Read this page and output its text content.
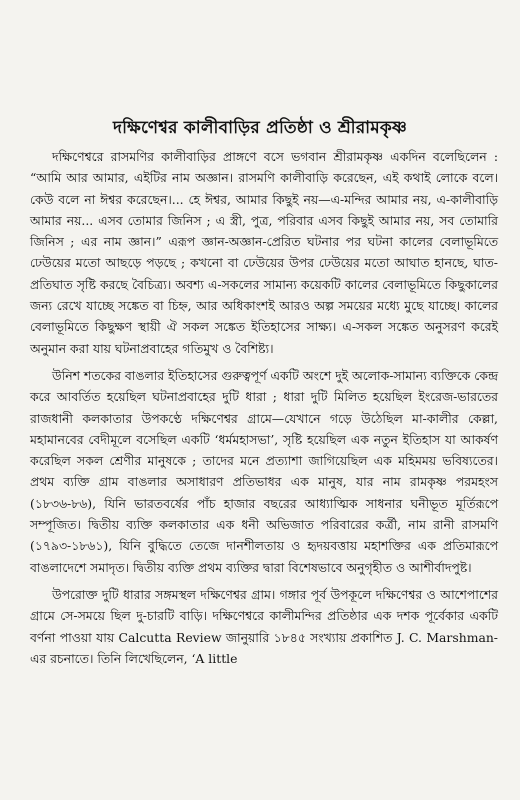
দক্ষিণেশ্বর কালীবাড়ির প্রতিষ্ঠা ও শ্রীরামকৃষ্ণ

দক্ষিণেশ্বরে রাসমণির কালীবাড়ির প্রাঙ্গণে বসে ভগবান শ্রীরামকৃষ্ণ একদিন বলেছিলেন : “আমি আর আমার, এইটির নাম অজ্ঞান। রাসমণি কালীবাড়ি করেছেন, এই কথাই লোকে বলে। কেউ বলে না ঈশ্বর করেছেন।... হে ঈশ্বর, আমার কিছুই নয়—এ-মন্দির আমার নয়, এ-কালীবাড়ি আমার নয়... এসব তোমার জিনিস ; এ স্ত্রী, পুত্র, পরিবার এসব কিছুই আমার নয়, সব তোমারি জিনিস ; এর নাম জ্ঞান।” এরূপ জ্ঞান-অজ্ঞান-প্রেরিত ঘটনার পর ঘটনা কালের বেলাভূমিতে ঢেউয়ের মতো আছড়ে পড়ছে ; কখনো বা ঢেউয়ের উপর ঢেউয়ের মতো আঘাত হানছে, ঘাত-প্রতিঘাত সৃষ্টি করছে বৈচিত্র্য। অবশ্য এ-সকলের সামান্য কয়েকটি কালের বেলাভূমিতে কিছুকালের জন্য রেখে যাচ্ছে সঙ্কেত বা চিহ্ন, আর অধিকাংশই আরও অল্প সময়ের মধ্যে মুছে যাচ্ছে। কালের বেলাভূমিতে কিছুক্ষণ স্থায়ী ঐ সকল সঙ্কেত ইতিহাসের সাক্ষ্য। এ-সকল সঙ্কেত অনুসরণ করেই অনুমান করা যায় ঘটনাপ্রবাহের গতিমুখ ও বৈশিষ্ট্য।

উনিশ শতকের বাঙলার ইতিহাসের গুরুত্বপূর্ণ একটি অংশে দুই অলোক-সামান্য ব্যক্তিকে কেন্দ্র করে আবর্তিত হয়েছিল ঘটনাপ্রবাহের দুটি ধারা ; ধারা দুটি মিলিত হয়েছিল ইংরেজ-ভারতের রাজধানী কলকাতার উপকণ্ঠে দক্ষিণেশ্বর গ্রামে—যেখানে গড়ে উঠেছিল মা-কালীর কেল্লা, মহামানবের বেদীমূলে বসেছিল একটি ‘ধর্মমহাসভা’, সৃষ্টি হয়েছিল এক নতুন ইতিহাস যা আকর্ষণ করেছিল সকল শ্রেণীর মানুষকে ; তাদের মনে প্রত্যাশা জাগিয়েছিল এক মহিমময় ভবিষ্যতের। প্রথম ব্যক্তি গ্রাম বাঙলার অসাধারণ প্রতিভাধর এক মানুষ, যার নাম রামকৃষ্ণ পরমহংস (১৮৩৬-৮৬), যিনি ভারতবর্ষের পাঁচ হাজার বছরের আধ্যাত্মিক সাধনার ঘনীভূত মূর্তিরূপে সম্পূজিত। দ্বিতীয় ব্যক্তি কলকাতার এক ধনী অভিজাত পরিবারের কর্ত্রী, নাম রানী রাসমণি (১৭৯৩-১৮৬১), যিনি বুদ্ধিতে তেজে দানশীলতায় ও হৃদয়বত্তায় মহাশক্তির এক প্রতিমারূপে বাঙলাদেশে সমাদৃত। দ্বিতীয় ব্যক্তি প্রথম ব্যক্তির দ্বারা বিশেষভাবে অনুগৃহীত ও আশীর্বাদপুষ্ট।

উপরোক্ত দুটি ধারার সঙ্গমস্থল দক্ষিণেশ্বর গ্রাম। গঙ্গার পূর্ব উপকূলে দক্ষিণেশ্বর ও আশেপাশের গ্রামে সে-সময়ে ছিল দু-চারটি বাড়ি। দক্ষিণেশ্বরে কালীমন্দির প্রতিষ্ঠার এক দশক পূর্বেকার একটি বর্ণনা পাওয়া যায় Calcutta Review জানুয়ারি ১৮৪৫ সংখ্যায় প্রকাশিত J. C. Marshman-এর রচনাতে। তিনি লিখেছিলেন, ‘A little
